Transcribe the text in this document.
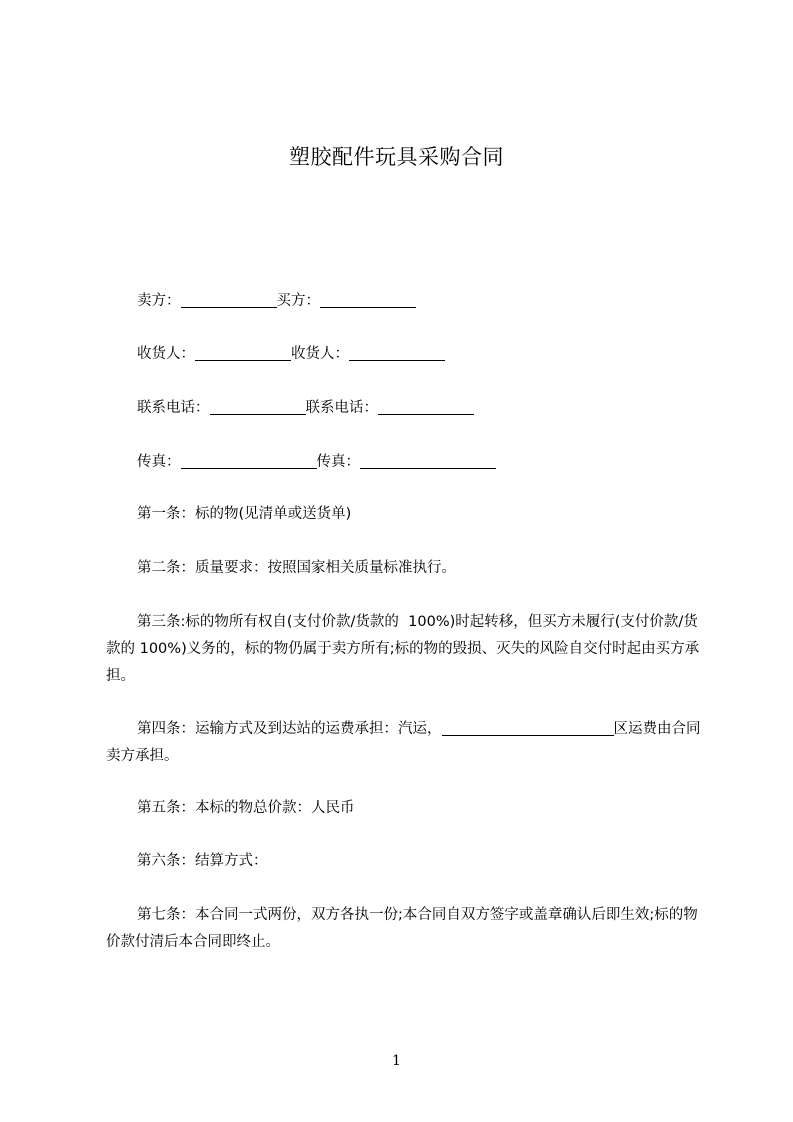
塑胶配件玩具采购合同
卖方：	买方：
收货人：	收货人：
联系电话：	联系电话：
传真：	传真：
第一条：标的物(见清单或送货单)
第二条：质量要求：按照国家相关质量标准执行。
第三条:标的物所有权自(支付价款/货款的  100%)时起转移，但买方未履行(支付价款/货款的 100%)义务的，标的物仍属于卖方所有;标的物的毁损、灭失的风险自交付时起由买方承担。
第四条：运输方式及到达站的运费承担：汽运，	区运费由合同卖方承担。
第五条：本标的物总价款：人民币
第六条：结算方式：
第七条：本合同一式两份，双方各执一份;本合同自双方签字或盖章确认后即生效;标的物价款付清后本合同即终止。
1
